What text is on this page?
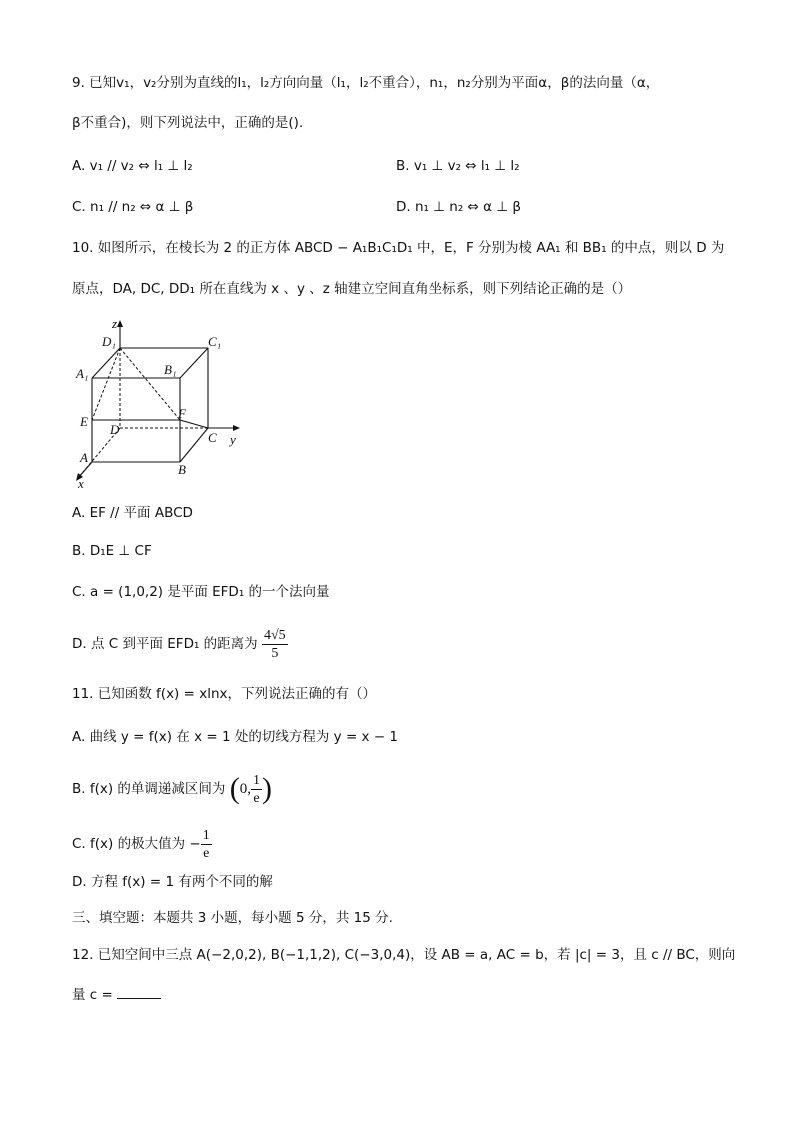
9. 已知v₁，v₂分别为直线的l₁，l₂方向向量（l₁，l₂不重合），n₁，n₂分别为平面α，β的法向量（α，
β不重合)，则下列说法中，正确的是().
A. v₁ // v₂ ⇔ l₁ ⊥ l₂	B. v₁ ⊥ v₂ ⇔ l₁ ⊥ l₂
C. n₁ // n₂ ⇔ α ⊥ β	D. n₁ ⊥ n₂ ⇔ α ⊥ β
10. 如图所示，在棱长为 2 的正方体 ABCD − A₁B₁C₁D₁ 中，E，F 分别为棱 AA₁ 和 BB₁ 的中点，则以 D 为
原点，DA, DC, DD₁ 所在直线为 x 、y 、z 轴建立空间直角坐标系，则下列结论正确的是（）
z
y
x
D₁	C₁
A₁	B₁
E
F
D
C
A
B
A. EF // 平面 ABCD
B. D₁E ⊥ CF
C. a = (1,0,2) 是平面 EFD₁ 的一个法向量
D. 点 C 到平面 EFD₁ 的距离为 $\frac{4√5}{5}$
11. 已知函数 f(x) = xlnx，下列说法正确的有（）
A. 曲线 y = f(x) 在 x = 1 处的切线方程为 y = x − 1
B. f(x) 的单调递减区间为 (0, $\frac{1}{e}$ )
C. f(x) 的极大值为 − $\frac{1}{e}$
D. 方程 f(x) = 1 有两个不同的解
三、填空题：本题共 3 小题，每小题 5 分，共 15 分.
12. 已知空间中三点 A(−2,0,2), B(−1,1,2), C(−3,0,4)，设 AB = a, AC = b，若 |c| = 3，且 c // BC，则向
量 c =
